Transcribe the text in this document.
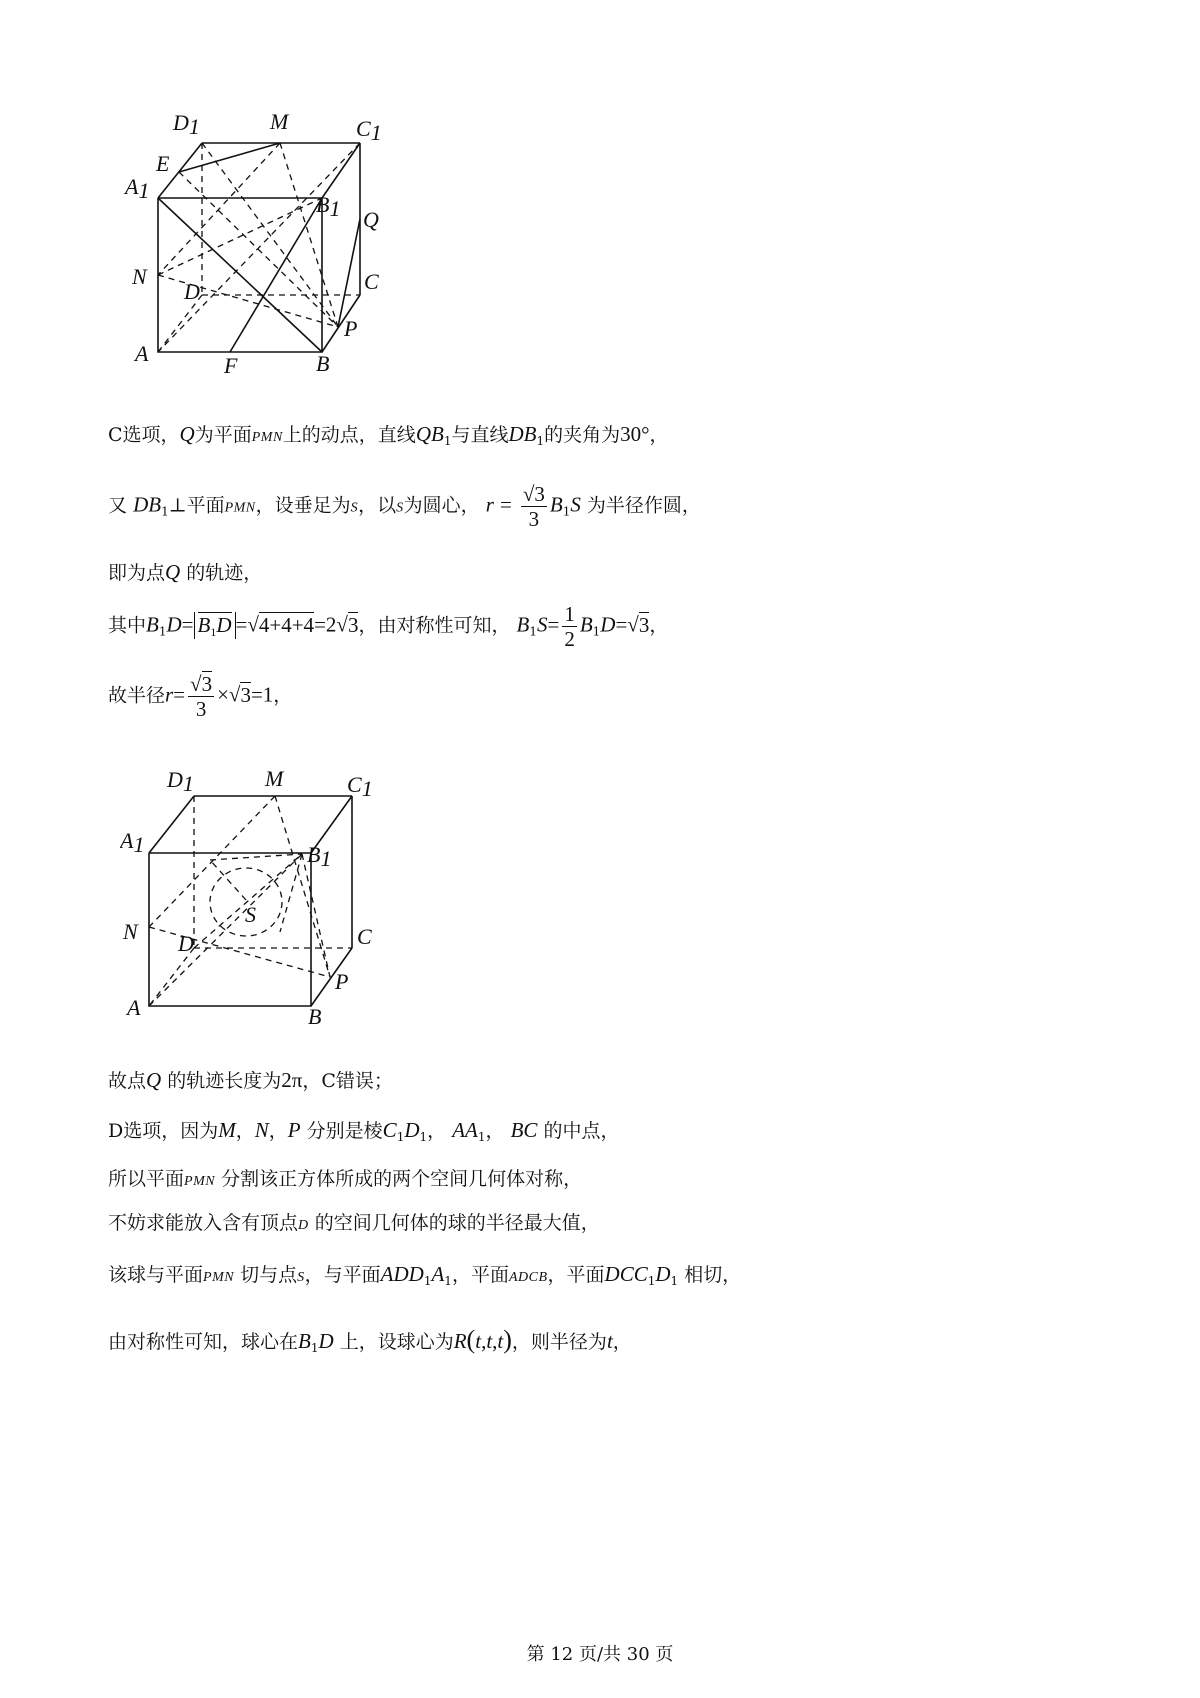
D1	M	C1
E
A1
B1 Q
N	C
D
P
A	F	B
C选项，Q为平面PMN上的动点，直线$QB_1$与直线$DB_1$的夹角为30°，
又 $DB_1\perp$平面PMN，设垂足为S，以S为圆心， $r = \frac{√3}{3} B_1S$ 为半径作圆，
即为点Q 的轨迹，
其中$B_1D= B_1D =√4+4+4=2√3$，由对称性可知， $B_1S= \frac{1}{2} B_1D=√3$，
故半径$r= \frac{√3}{3} \times√3=1$，
D1	M	C1
A1	B1
S
N	C
D
P
A	B
故点Q 的轨迹长度为2π，C错误；
D选项，因为M，N，P 分别是棱$C_1D_1$， $AA_1$， BC 的中点，
所以平面PMN 分割该正方体所成的两个空间几何体对称，
不妨求能放入含有顶点D 的空间几何体的球的半径最大值，
该球与平面PMN 切与点S，与平面$ADD_1A_1$，平面ADCB，平面$DCC_1D_1$ 相切，
由对称性可知，球心在$B_1D$ 上，设球心为R(t,t,t)，则半径为t，
第 12 页/共 30 页
